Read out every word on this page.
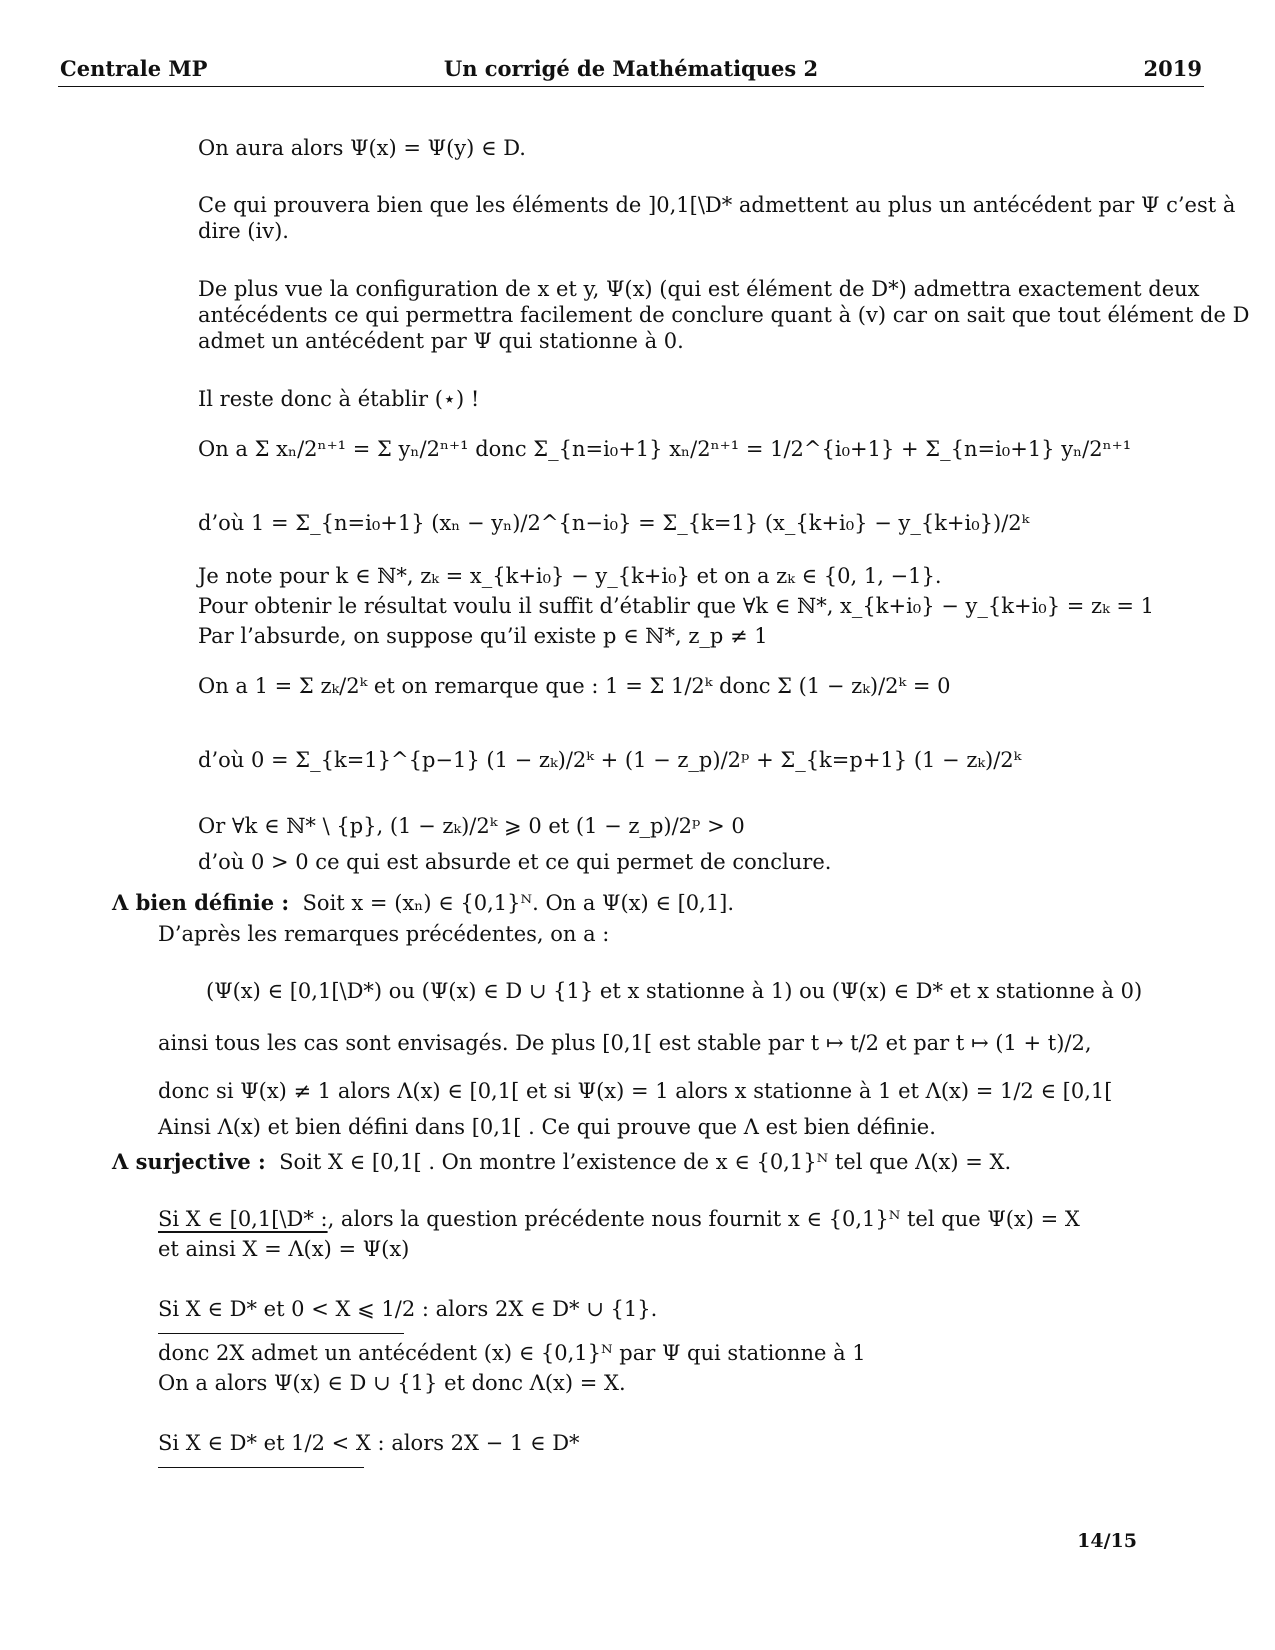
Centrale MP	Un corrigé de Mathématiques 2	2019
On aura alors Ψ(x) = Ψ(y) ∈ D.
Ce qui prouvera bien que les éléments de ]0,1[\D* admettent au plus un antécédent par Ψ c’est à
dire (iv).
De plus vue la configuration de x et y, Ψ(x) (qui est élément de D*) admettra exactement deux
antécédents ce qui permettra facilement de conclure quant à (v) car on sait que tout élément de D
admet un antécédent par Ψ qui stationne à 0.
Il reste donc à établir (⋆) !
On a Σ xₙ/2ⁿ⁺¹ = Σ yₙ/2ⁿ⁺¹ donc Σ_{n=i₀+1} xₙ/2ⁿ⁺¹ = 1/2^{i₀+1} + Σ_{n=i₀+1} yₙ/2ⁿ⁺¹
d’où 1 = Σ_{n=i₀+1} (xₙ − yₙ)/2^{n−i₀} = Σ_{k=1} (x_{k+i₀} − y_{k+i₀})/2ᵏ
Je note pour k ∈ ℕ*, zₖ = x_{k+i₀} − y_{k+i₀} et on a zₖ ∈ {0, 1, −1}.
Pour obtenir le résultat voulu il suffit d’établir que ∀k ∈ ℕ*, x_{k+i₀} − y_{k+i₀} = zₖ = 1
Par l’absurde, on suppose qu’il existe p ∈ ℕ*, z_p ≠ 1
On a 1 = Σ zₖ/2ᵏ et on remarque que : 1 = Σ 1/2ᵏ donc Σ (1 − zₖ)/2ᵏ = 0
d’où 0 = Σ_{k=1}^{p−1} (1 − zₖ)/2ᵏ + (1 − z_p)/2ᵖ + Σ_{k=p+1} (1 − zₖ)/2ᵏ
Or ∀k ∈ ℕ* \ {p}, (1 − zₖ)/2ᵏ ⩾ 0 et (1 − z_p)/2ᵖ > 0
d’où 0 > 0 ce qui est absurde et ce qui permet de conclure.
Λ bien définie : Soit x = (xₙ) ∈ {0,1}ᴺ. On a Ψ(x) ∈ [0,1].
D’après les remarques précédentes, on a :
(Ψ(x) ∈ [0,1[\D*) ou (Ψ(x) ∈ D ∪ {1} et x stationne à 1) ou (Ψ(x) ∈ D* et x stationne à 0)
ainsi tous les cas sont envisagés. De plus [0,1[ est stable par t ↦ t/2 et par t ↦ (1 + t)/2,
donc si Ψ(x) ≠ 1 alors Λ(x) ∈ [0,1[ et si Ψ(x) = 1 alors x stationne à 1 et Λ(x) = 1/2 ∈ [0,1[
Ainsi Λ(x) et bien défini dans [0,1[ . Ce qui prouve que Λ est bien définie.
Λ surjective : Soit X ∈ [0,1[ . On montre l’existence de x ∈ {0,1}ᴺ tel que Λ(x) = X.
Si X ∈ [0,1[\D* :, alors la question précédente nous fournit x ∈ {0,1}ᴺ tel que Ψ(x) = X
et ainsi X = Λ(x) = Ψ(x)
Si X ∈ D* et 0 < X ⩽ 1/2 : alors 2X ∈ D* ∪ {1}.
donc 2X admet un antécédent (x) ∈ {0,1}ᴺ par Ψ qui stationne à 1
On a alors Ψ(x) ∈ D ∪ {1} et donc Λ(x) = X.
Si X ∈ D* et 1/2 < X : alors 2X − 1 ∈ D*
14/15
